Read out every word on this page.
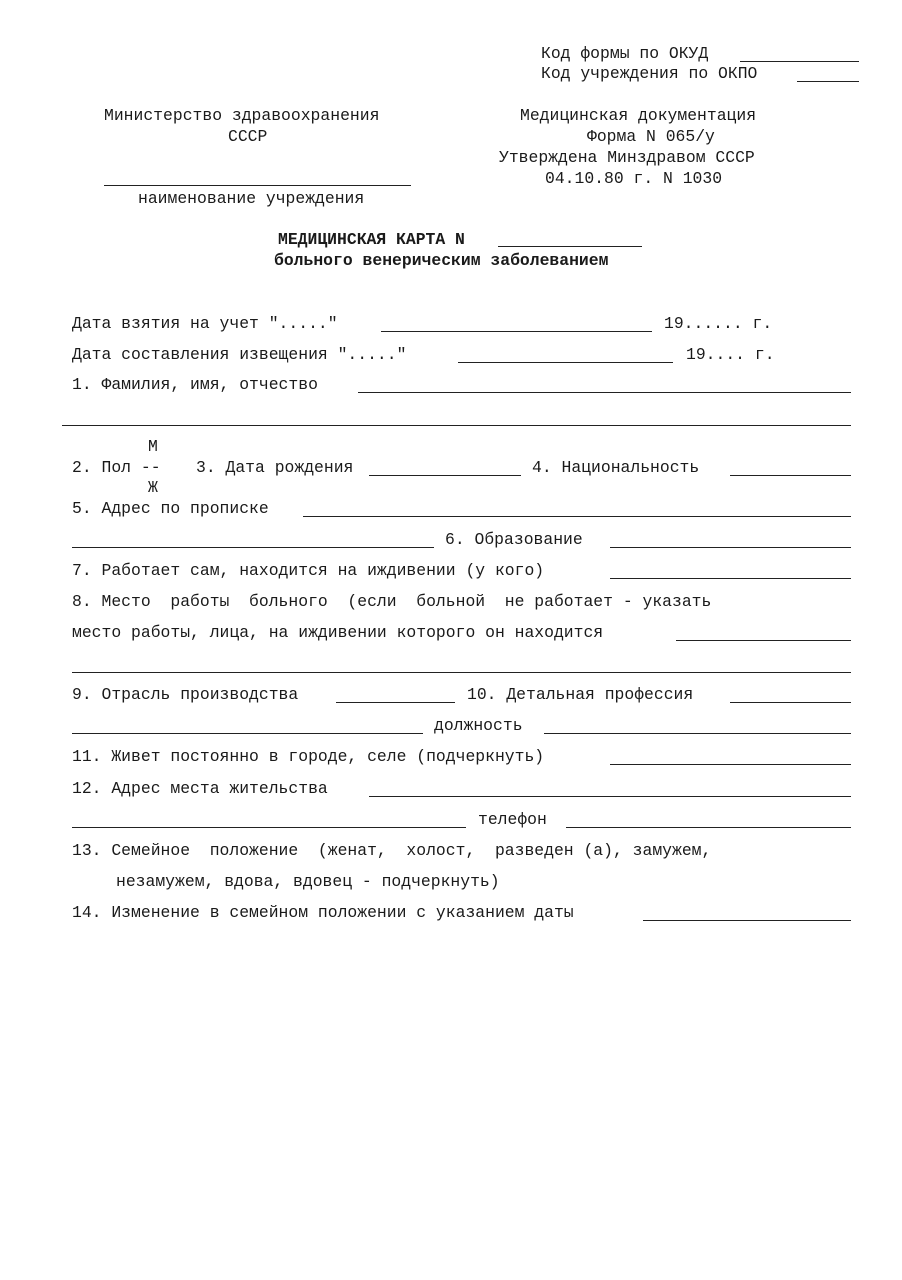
Код формы по ОКУД
Код учреждения по ОКПО
Министерство здравоохранения
СССР
наименование учреждения
Медицинская документация
Форма N 065/у
Утверждена Минздравом СССР
04.10.80 г. N 1030
МЕДИЦИНСКАЯ КАРТА N
больного венерическим заболеванием
Дата взятия на учет "....."	19...... г.
Дата составления извещения "....."	19.... г.
1. Фамилия, имя, отчество
М
2. Пол -- 3. Дата рождения	4. Национальность
Ж
5. Адрес по прописке
6. Образование
7. Работает сам, находится на иждивении (у кого)
8. Место  работы  больного  (если  больной  не работает - указать
место работы, лица, на иждивении которого он находится
9. Отрасль производства	10. Детальная профессия
должность
11. Живет постоянно в городе, селе (подчеркнуть)
12. Адрес места жительства
телефон
13. Семейное  положение  (женат,  холост,  разведен (а), замужем,
незамужем, вдова, вдовец - подчеркнуть)
14. Изменение в семейном положении с указанием даты
